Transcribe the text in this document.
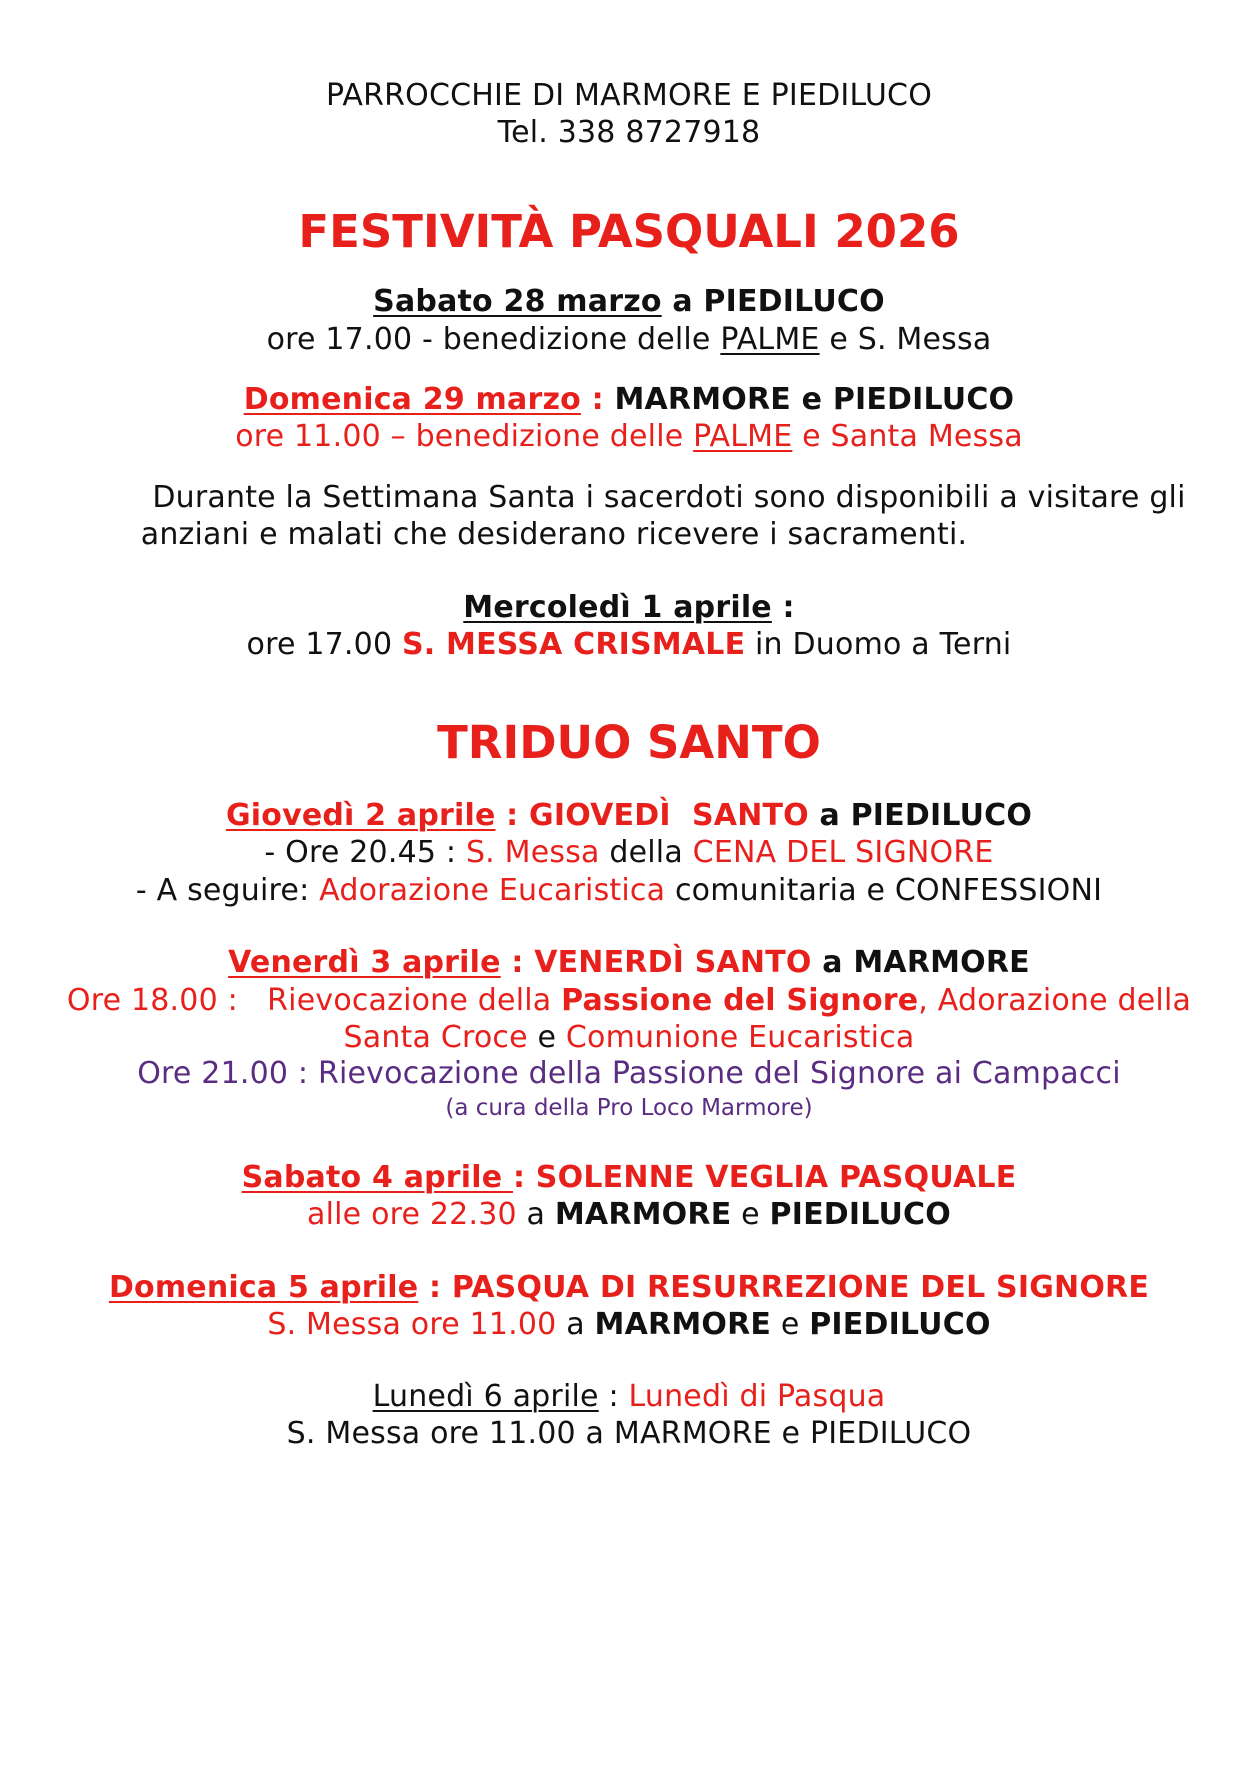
PARROCCHIE DI MARMORE E PIEDILUCO
Tel. 338 8727918
FESTIVITÀ PASQUALI 2026
Sabato 28 marzo a PIEDILUCO
ore 17.00 - benedizione delle PALME e S. Messa
Domenica 29 marzo : MARMORE e PIEDILUCO
ore 11.00 – benedizione delle PALME e Santa Messa
Durante la Settimana Santa i sacerdoti sono disponibili a visitare gli
anziani e malati che desiderano ricevere i sacramenti.
Mercoledì 1 aprile :
ore 17.00 S. MESSA CRISMALE in Duomo a Terni
TRIDUO SANTO
Giovedì 2 aprile : GIOVEDÌ  SANTO a PIEDILUCO
- Ore 20.45 : S. Messa della CENA DEL SIGNORE
- A seguire: Adorazione Eucaristica comunitaria e CONFESSIONI
Venerdì 3 aprile : VENERDÌ SANTO a MARMORE
Ore 18.00 :   Rievocazione della Passione del Signore, Adorazione della
Santa Croce e Comunione Eucaristica
Ore 21.00 : Rievocazione della Passione del Signore ai Campacci
(a cura della Pro Loco Marmore)
Sabato 4 aprile : SOLENNE VEGLIA PASQUALE
alle ore 22.30 a MARMORE e PIEDILUCO
Domenica 5 aprile : PASQUA DI RESURREZIONE DEL SIGNORE
S. Messa ore 11.00 a MARMORE e PIEDILUCO
Lunedì 6 aprile : Lunedì di Pasqua
S. Messa ore 11.00 a MARMORE e PIEDILUCO
